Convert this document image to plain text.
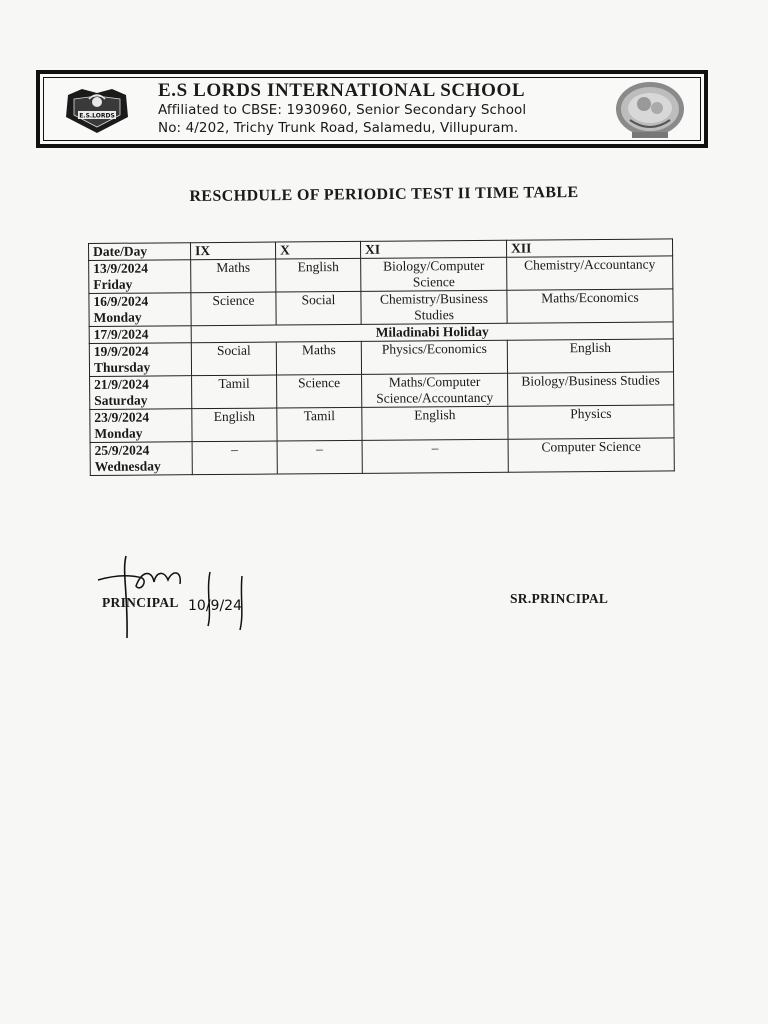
E.S.LORDS
E.S LORDS INTERNATIONAL SCHOOL
Affiliated to CBSE: 1930960, Senior Secondary School
No: 4/202, Trichy Trunk Road, Salamedu, Villupuram.
RESCHDULE OF PERIODIC TEST II TIME TABLE
Date/Day	IX	X	XI	XII

13/9/2024
Friday	Maths	English	Biology/Computer Science	Chemistry/Accountancy

16/9/2024
Monday	Science	Social	Chemistry/Business Studies	Maths/Economics

17/9/2024	Miladinabi Holiday			

19/9/2024
Thursday	Social	Maths	Physics/Economics	English

21/9/2024
Saturday	Tamil	Science	Maths/Computer Science/Accountancy	Biology/Business Studies

23/9/2024
Monday	English	Tamil	English	Physics

25/9/2024
Wednesday	–	–	–	Computer Science
10/9/24
PRINCIPAL	SR.PRINCIPAL
